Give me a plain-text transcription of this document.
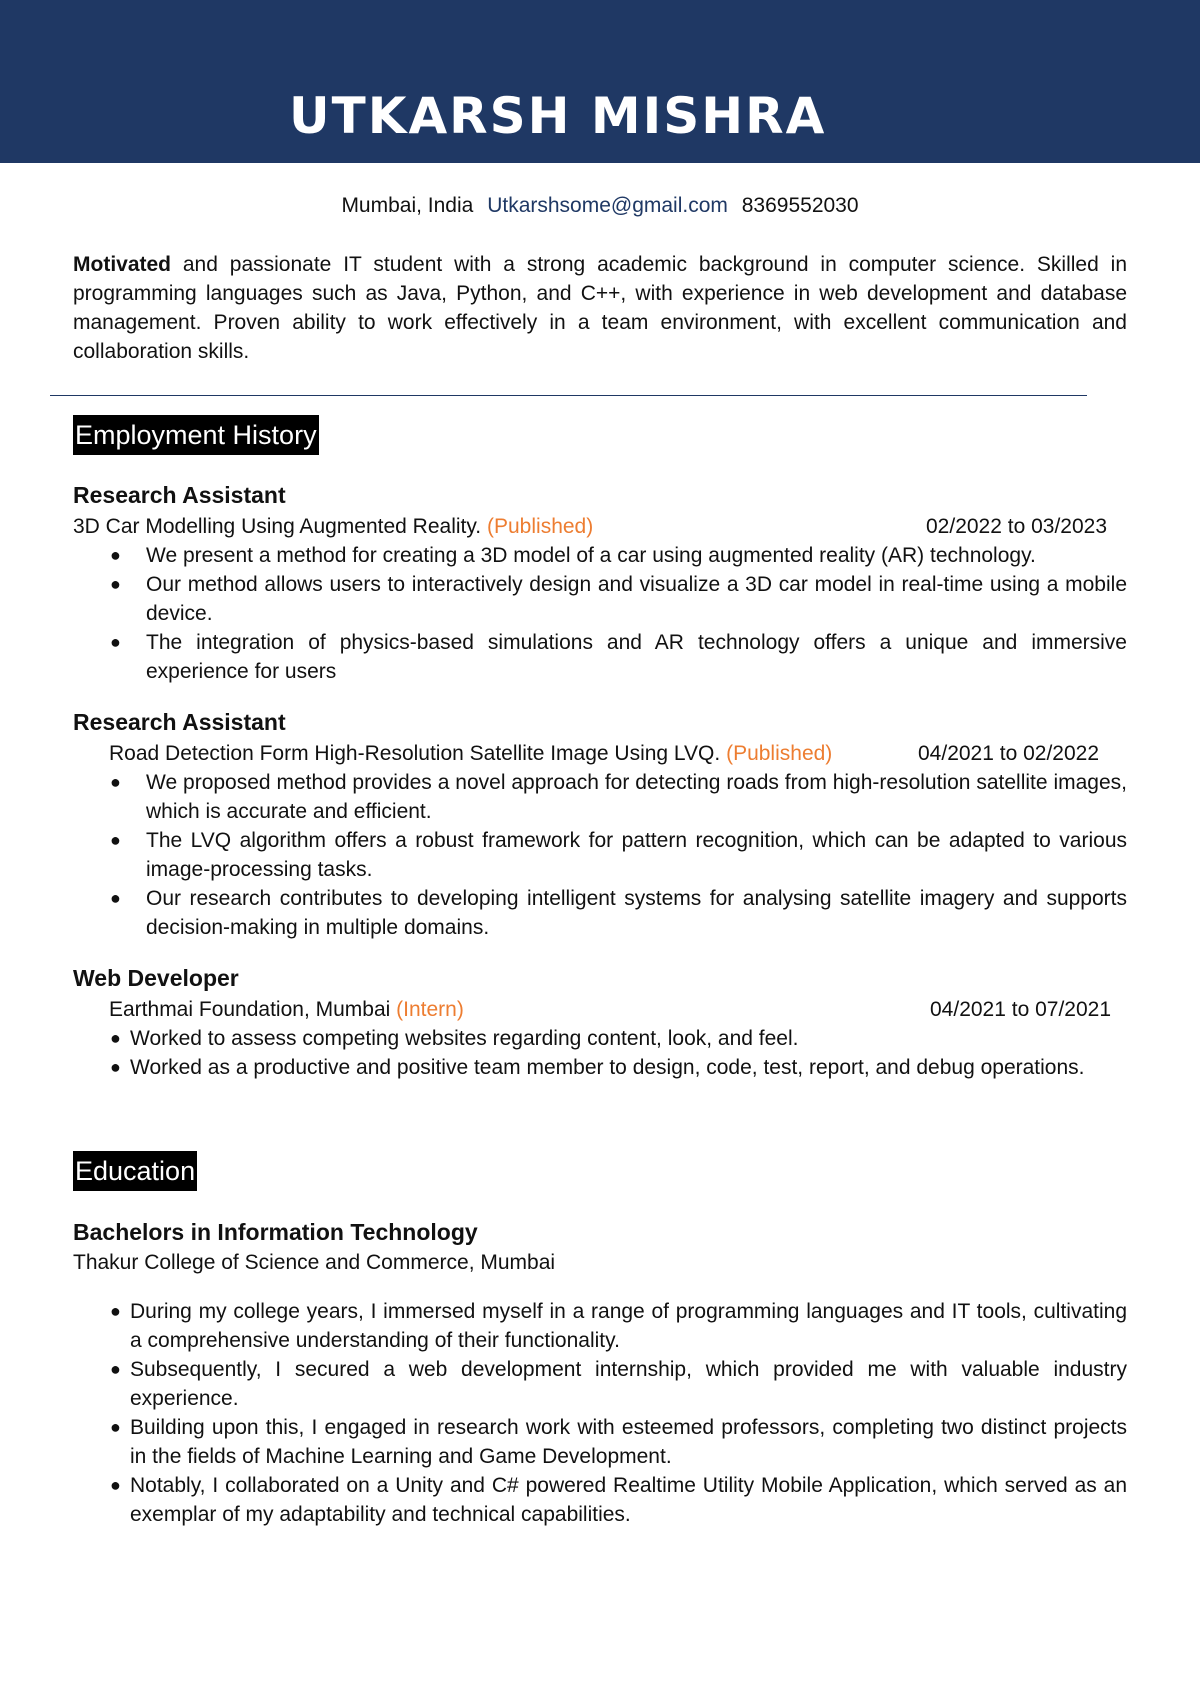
UTKARSH MISHRA
Mumbai, India Utkarshsome@gmail.com 8369552030

Motivated and passionate IT student with a strong academic background in computer science. Skilled in programming languages such as Java, Python, and C++, with experience in web development and database management. Proven ability to work effectively in a team environment, with excellent communication and collaboration skills.

Employment History
Research Assistant
3D Car Modelling Using Augmented Reality. (Published)	02/2022 to 03/2023
● We present a method for creating a 3D model of a car using augmented reality (AR) technology.
● Our method allows users to interactively design and visualize a 3D car model in real-time using a mobile device.
● The integration of physics-based simulations and AR technology offers a unique and immersive experience for users
Research Assistant
Road Detection Form High-Resolution Satellite Image Using LVQ. (Published)	04/2021 to 02/2022
● We proposed method provides a novel approach for detecting roads from high-resolution satellite images, which is accurate and efficient.
● The LVQ algorithm offers a robust framework for pattern recognition, which can be adapted to various image-processing tasks.
● Our research contributes to developing intelligent systems for analysing satellite imagery and supports decision-making in multiple domains.
Web Developer
Earthmai Foundation, Mumbai (Intern)	04/2021 to 07/2021
● Worked to assess competing websites regarding content, look, and feel.
● Worked as a productive and positive team member to design, code, test, report, and debug operations.
Education
Bachelors in Information Technology
Thakur College of Science and Commerce, Mumbai
● During my college years, I immersed myself in a range of programming languages and IT tools, cultivating a comprehensive understanding of their functionality.
● Subsequently, I secured a web development internship, which provided me with valuable industry experience.
● Building upon this, I engaged in research work with esteemed professors, completing two distinct projects in the fields of Machine Learning and Game Development.
● Notably, I collaborated on a Unity and C# powered Realtime Utility Mobile Application, which served as an exemplar of my adaptability and technical capabilities.
